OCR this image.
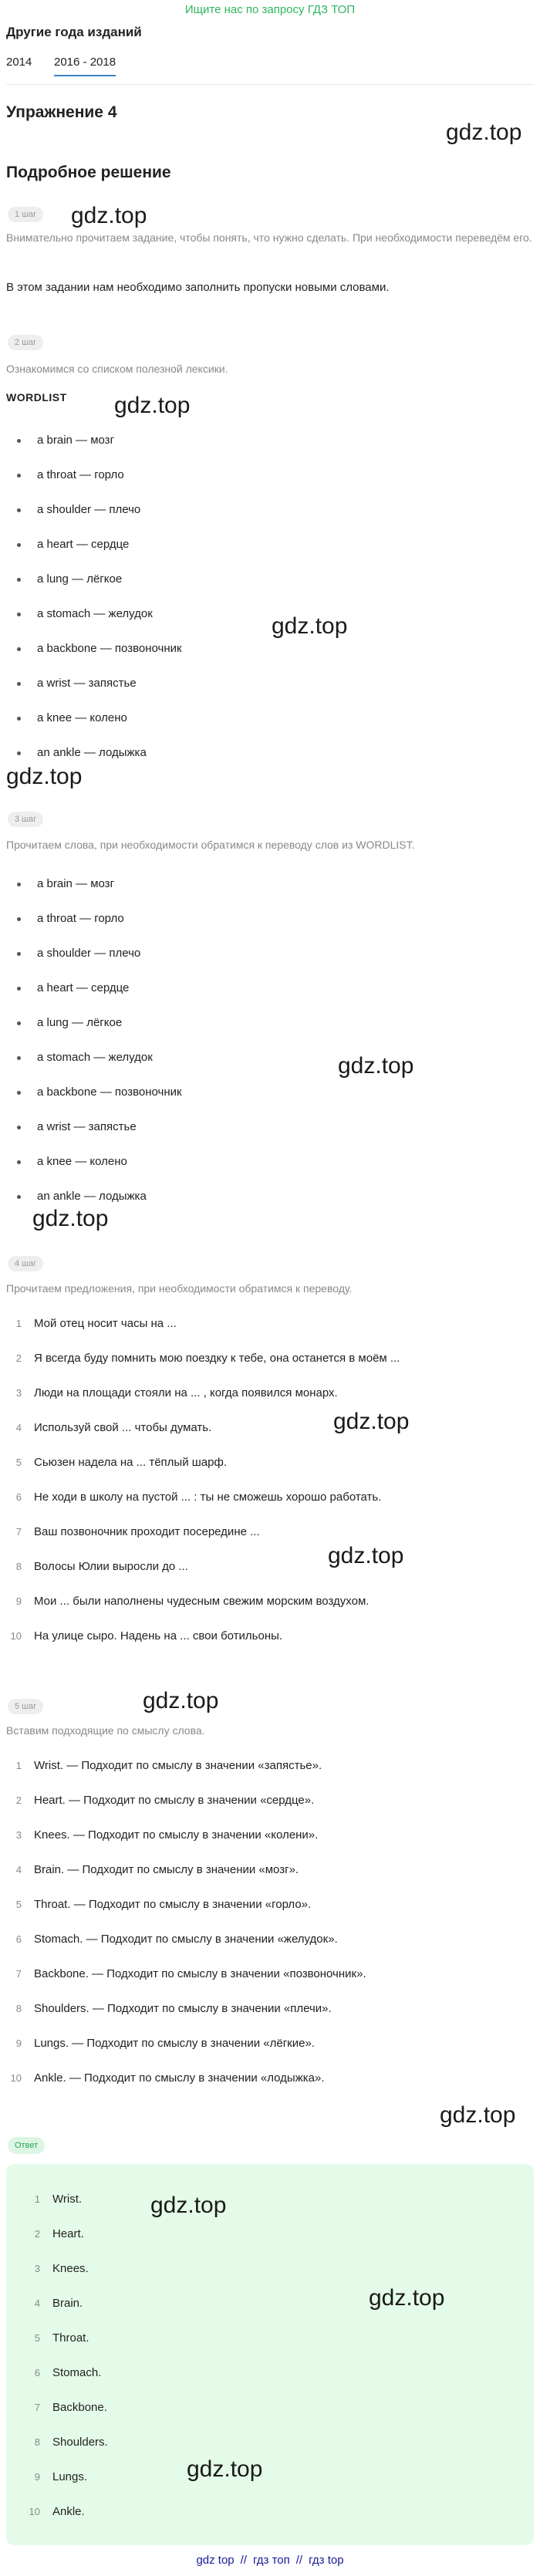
Ищите нас по запросу ГДЗ ТОП
Другие года изданий
2014 2016 - 2018
Упражнение 4
Подробное решение
1 шаг
Внимательно прочитаем задание, чтобы понять, что нужно сделать. При необходимости переведём его.
В этом задании нам необходимо заполнить пропуски новыми словами.
2 шаг
Ознакомимся со списком полезной лексики.
WORDLIST
a brain — мозг
a throat — горло
a shoulder — плечо
a heart — сердце
a lung — лёгкое
a stomach — желудок
a backbone — позвоночник
a wrist — запястье
a knee — колено
an ankle — лодыжка
3 шаг
Прочитаем слова, при необходимости обратимся к переводу слов из WORDLIST.
a brain — мозг
a throat — горло
a shoulder — плечо
a heart — сердце
a lung — лёгкое
a stomach — желудок
a backbone — позвоночник
a wrist — запястье
a knee — колено
an ankle — лодыжка
4 шаг
Прочитаем предложения, при необходимости обратимся к переводу.
1 Мой отец носит часы на ...
2 Я всегда буду помнить мою поездку к тебе, она останется в моём ...
3 Люди на площади стояли на ... , когда появился монарх.
4 Используй свой ... чтобы думать.
5 Сьюзен надела на ... тёплый шарф.
6 Не ходи в школу на пустой ... : ты не сможешь хорошо работать.
7 Ваш позвоночник проходит посередине ...
8 Волосы Юлии выросли до ...
9 Мои ... были наполнены чудесным свежим морским воздухом.
10 На улице сыро. Надень на ... свои ботильоны.
5 шаг
Вставим подходящие по смыслу слова.
1 Wrist. — Подходит по смыслу в значении «запястье».
2 Heart. — Подходит по смыслу в значении «сердце».
3 Knees. — Подходит по смыслу в значении «колени».
4 Brain. — Подходит по смыслу в значении «мозг».
5 Throat. — Подходит по смыслу в значении «горло».
6 Stomach. — Подходит по смыслу в значении «желудок».
7 Backbone. — Подходит по смыслу в значении «позвоночник».
8 Shoulders. — Подходит по смыслу в значении «плечи».
9 Lungs. — Подходит по смыслу в значении «лёгкие».
10 Ankle. — Подходит по смыслу в значении «лодыжка».
Ответ
1 Wrist.
2 Heart.
3 Knees.
4 Brain.
5 Throat.
6 Stomach.
7 Backbone.
8 Shoulders.
9 Lungs.
10 Ankle.
gdz.top
gdz.top
gdz.top
gdz.top
gdz.top
gdz.top
gdz.top
gdz.top
gdz.top
gdz.top
gdz.top
gdz.top
gdz.top
gdz.top
gdz top // гдз топ // гдз top
